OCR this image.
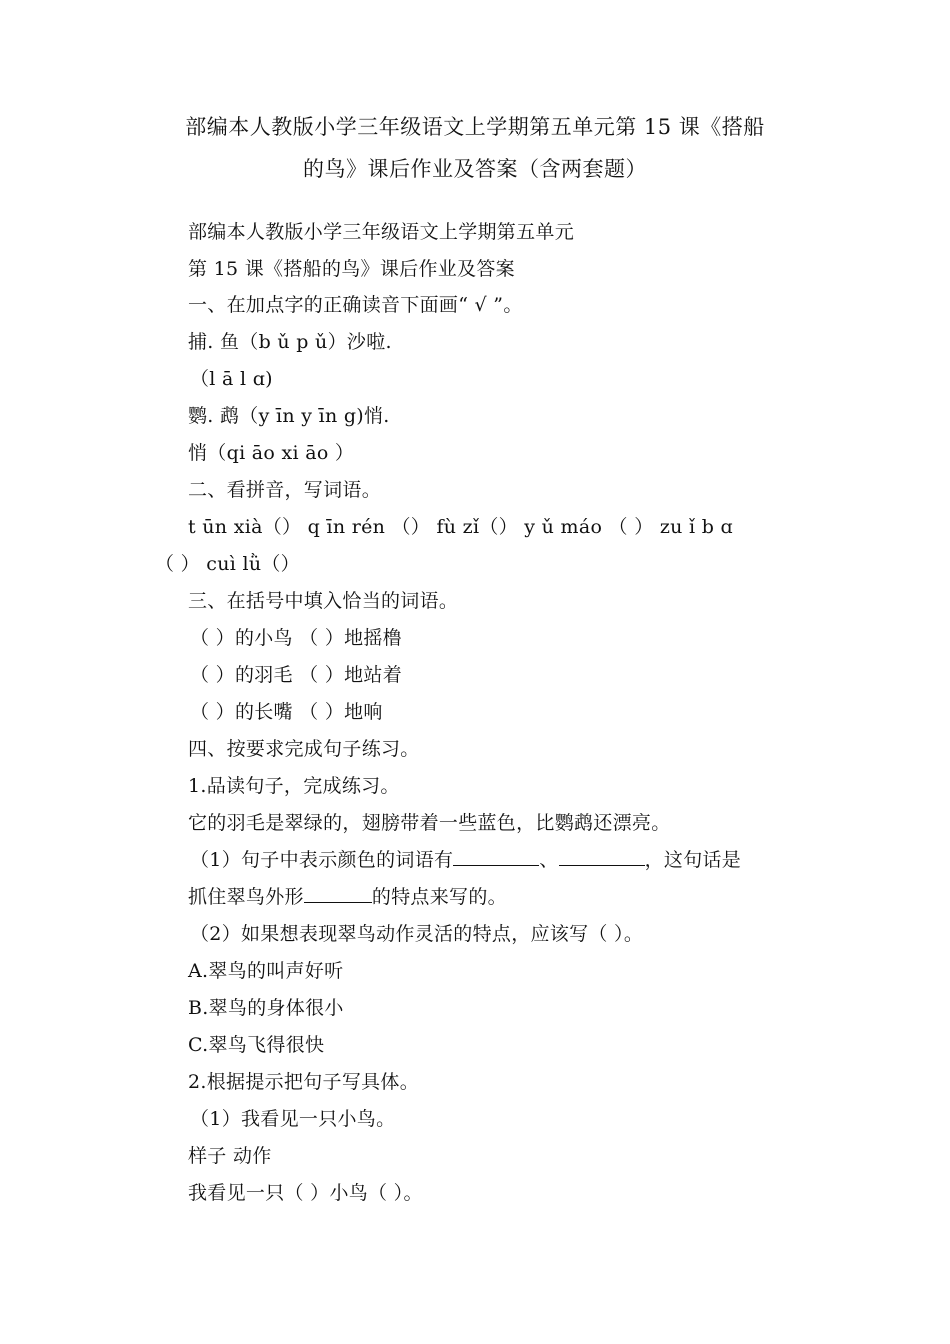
部编本人教版小学三年级语文上学期第五单元第 15 课《搭船
的鸟》课后作业及答案（含两套题）
部编本人教版小学三年级语文上学期第五单元
第 15 课《搭船的鸟》课后作业及答案
一、在加点字的正确读音下面画“ √ ”。
捕. 鱼（b ǔ p ǔ）沙啦.
（l ā l ɑ)
鹦. 鹉（y īn y īn g)悄.
悄（qi āo xi āo ）
二、看拼音，写词语。
t ūn xià（） q īn rén （） fù zǐ（） y ǔ máo （ ） zu ǐ b ɑ
（ ） cuì lǜ（）
三、在括号中填入恰当的词语。
（ ）的小鸟 （ ）地摇橹
（ ）的羽毛 （ ）地站着
（ ）的长嘴 （ ）地响
四、按要求完成句子练习。
1.品读句子，完成练习。
它的羽毛是翠绿的，翅膀带着一些蓝色，比鹦鹉还漂亮。
（1）句子中表示颜色的词语有	、	，这句话是
抓住翠鸟外形	的特点来写的。
（2）如果想表现翠鸟动作灵活的特点，应该写（ ）。
A.翠鸟的叫声好听
B.翠鸟的身体很小
C.翠鸟飞得很快
2.根据提示把句子写具体。
（1）我看见一只小鸟。
样子 动作
我看见一只（ ）小鸟（ ）。
